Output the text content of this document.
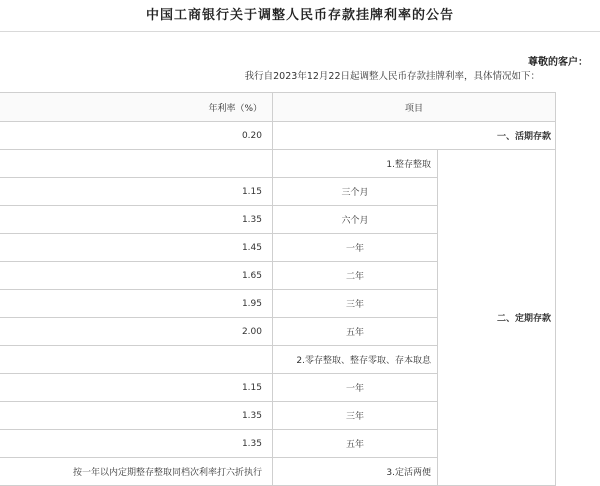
中国工商银行关于调整人民币存款挂牌利率的公告
尊敬的客户：
我行自2023年12月22日起调整人民币存款挂牌利率，具体情况如下：
年利率（%）	项目	
0.20	一、活期存款	
	1.整存整取	二、定期存款
1.15	三个月	
1.35	六个月	
1.45	一年	
1.65	二年	
1.95	三年	
2.00	五年	
	2.零存整取、整存零取、存本取息	
1.15	一年	
1.35	三年	
1.35	五年	
按一年以内定期整存整取同档次利率打六折执行	3.定活两便	
